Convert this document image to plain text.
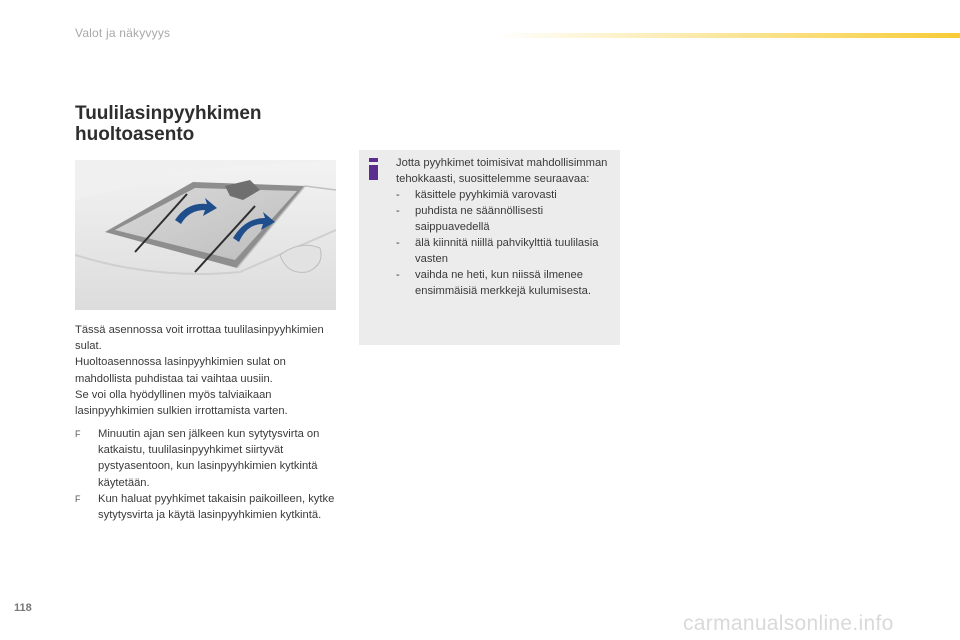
Valot ja näkyvyys
Tuulilasinpyyhkimen
huoltoasento

Tässä asennossa voit irrottaa tuulilasinpyyhkimien sulat.

Huoltoasennossa lasinpyyhkimien sulat on mahdollista puhdistaa tai vaihtaa uusiin.

Se voi olla hyödyllinen myös talviaikaan lasinpyyhkimien sulkien irrottamista varten.

F	Minuutin ajan sen jälkeen kun sytytysvirta on katkaistu, tuulilasinpyyhkimet siirtyvät pystyasentoon, kun lasinpyyhkimien kytkintä käytetään.
F	Kun haluat pyyhkimet takaisin paikoilleen, kytke sytytysvirta ja käytä lasinpyyhkimien kytkintä.

Jotta pyyhkimet toimisivat mahdollisimman tehokkaasti, suosittelemme seuraavaa:

-	käsittele pyyhkimiä varovasti
-	puhdista ne säännöllisesti saippuavedellä
-	älä kiinnitä niillä pahvikylttiä tuulilasia vasten
-	vaihda ne heti, kun niissä ilmenee ensimmäisiä merkkejä kulumisesta.
118
carmanualsonline.info
